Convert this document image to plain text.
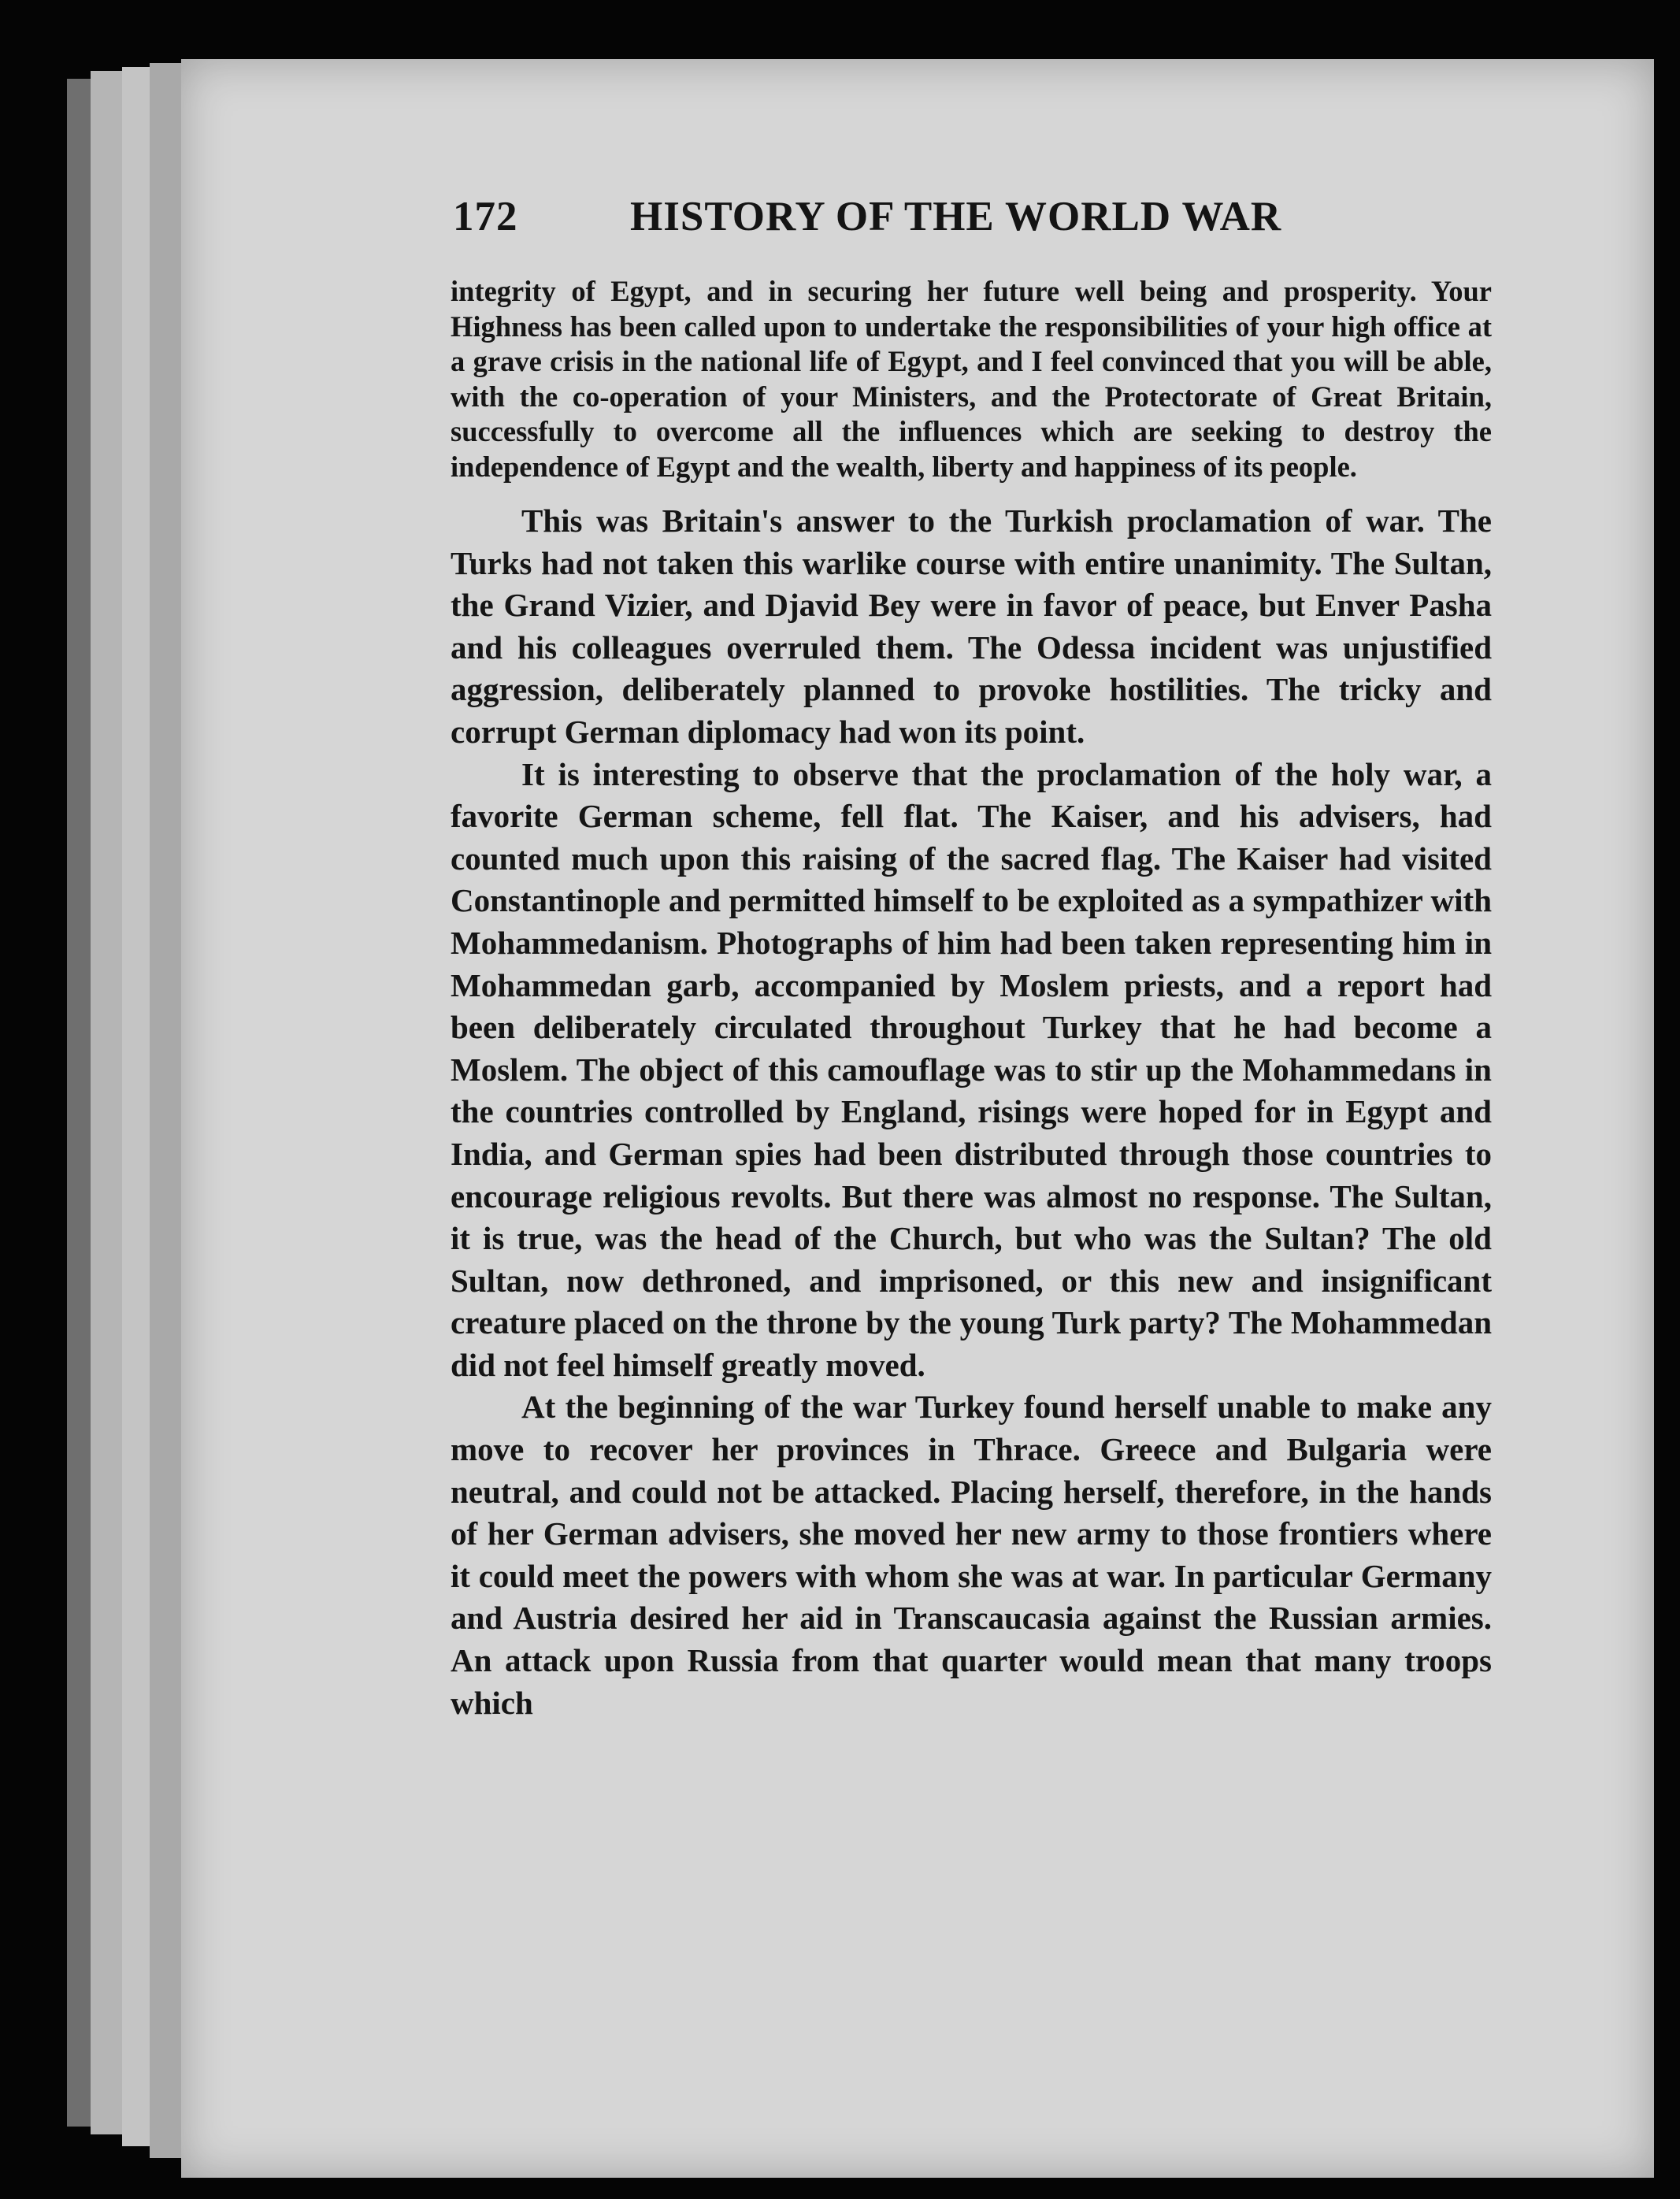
172	HISTORY OF THE WORLD WAR

integrity of Egypt, and in securing her future well being and prosperity. Your Highness has been called upon to undertake the responsibilities of your high office at a grave crisis in the national life of Egypt, and I feel convinced that you will be able, with the co-operation of your Ministers, and the Protectorate of Great Britain, successfully to overcome all the influences which are seeking to destroy the independence of Egypt and the wealth, liberty and happiness of its people.

This was Britain's answer to the Turkish proclamation of war. The Turks had not taken this warlike course with entire unanimity. The Sultan, the Grand Vizier, and Djavid Bey were in favor of peace, but Enver Pasha and his colleagues overruled them. The Odessa incident was unjustified aggression, deliberately planned to provoke hostilities. The tricky and corrupt German diplomacy had won its point.

It is interesting to observe that the proclamation of the holy war, a favorite German scheme, fell flat. The Kaiser, and his advisers, had counted much upon this raising of the sacred flag. The Kaiser had visited Constantinople and permitted himself to be exploited as a sympathizer with Mohammedanism. Photographs of him had been taken representing him in Mohammedan garb, accompanied by Moslem priests, and a report had been deliberately circulated throughout Turkey that he had become a Moslem. The object of this camouflage was to stir up the Mohammedans in the countries controlled by England, risings were hoped for in Egypt and India, and German spies had been distributed through those countries to encourage religious revolts. But there was almost no response. The Sultan, it is true, was the head of the Church, but who was the Sultan? The old Sultan, now dethroned, and imprisoned, or this new and insignificant creature placed on the throne by the young Turk party? The Mohammedan did not feel himself greatly moved.

At the beginning of the war Turkey found herself unable to make any move to recover her provinces in Thrace. Greece and Bulgaria were neutral, and could not be attacked. Placing herself, therefore, in the hands of her German advisers, she moved her new army to those frontiers where it could meet the powers with whom she was at war. In particular Germany and Austria desired her aid in Transcaucasia against the Russian armies. An attack upon Russia from that quarter would mean that many troops which
